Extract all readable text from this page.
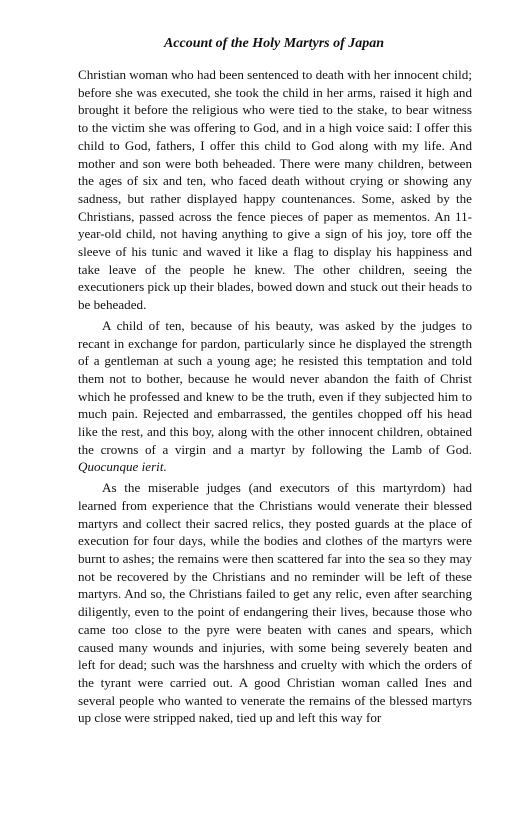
Account of the Holy Martyrs of Japan

Christian woman who had been sentenced to death with her innocent child; before she was executed, she took the child in her arms, raised it high and brought it before the religious who were tied to the stake, to bear witness to the victim she was offering to God, and in a high voice said: I offer this child to God, fathers, I offer this child to God along with my life. And mother and son were both beheaded. There were many children, between the ages of six and ten, who faced death without crying or showing any sadness, but rather displayed happy countenances. Some, asked by the Christians, passed across the fence pieces of paper as mementos. An 11-year-old child, not having anything to give a sign of his joy, tore off the sleeve of his tunic and waved it like a flag to display his happiness and take leave of the people he knew. The other children, seeing the executioners pick up their blades, bowed down and stuck out their heads to be beheaded.

A child of ten, because of his beauty, was asked by the judges to recant in exchange for pardon, particularly since he displayed the strength of a gentleman at such a young age; he resisted this temptation and told them not to bother, because he would never abandon the faith of Christ which he professed and knew to be the truth, even if they subjected him to much pain. Rejected and embarrassed, the gentiles chopped off his head like the rest, and this boy, along with the other innocent children, obtained the crowns of a virgin and a martyr by following the Lamb of God. Quocunque ierit.

As the miserable judges (and executors of this martyrdom) had learned from experience that the Christians would venerate their blessed martyrs and collect their sacred relics, they posted guards at the place of execution for four days, while the bodies and clothes of the martyrs were burnt to ashes; the remains were then scattered far into the sea so they may not be recovered by the Christians and no reminder will be left of these martyrs. And so, the Christians failed to get any relic, even after searching diligently, even to the point of endangering their lives, because those who came too close to the pyre were beaten with canes and spears, which caused many wounds and injuries, with some being severely beaten and left for dead; such was the harshness and cruelty with which the orders of the tyrant were carried out. A good Christian woman called Ines and several people who wanted to venerate the remains of the blessed martyrs up close were stripped naked, tied up and left this way for
